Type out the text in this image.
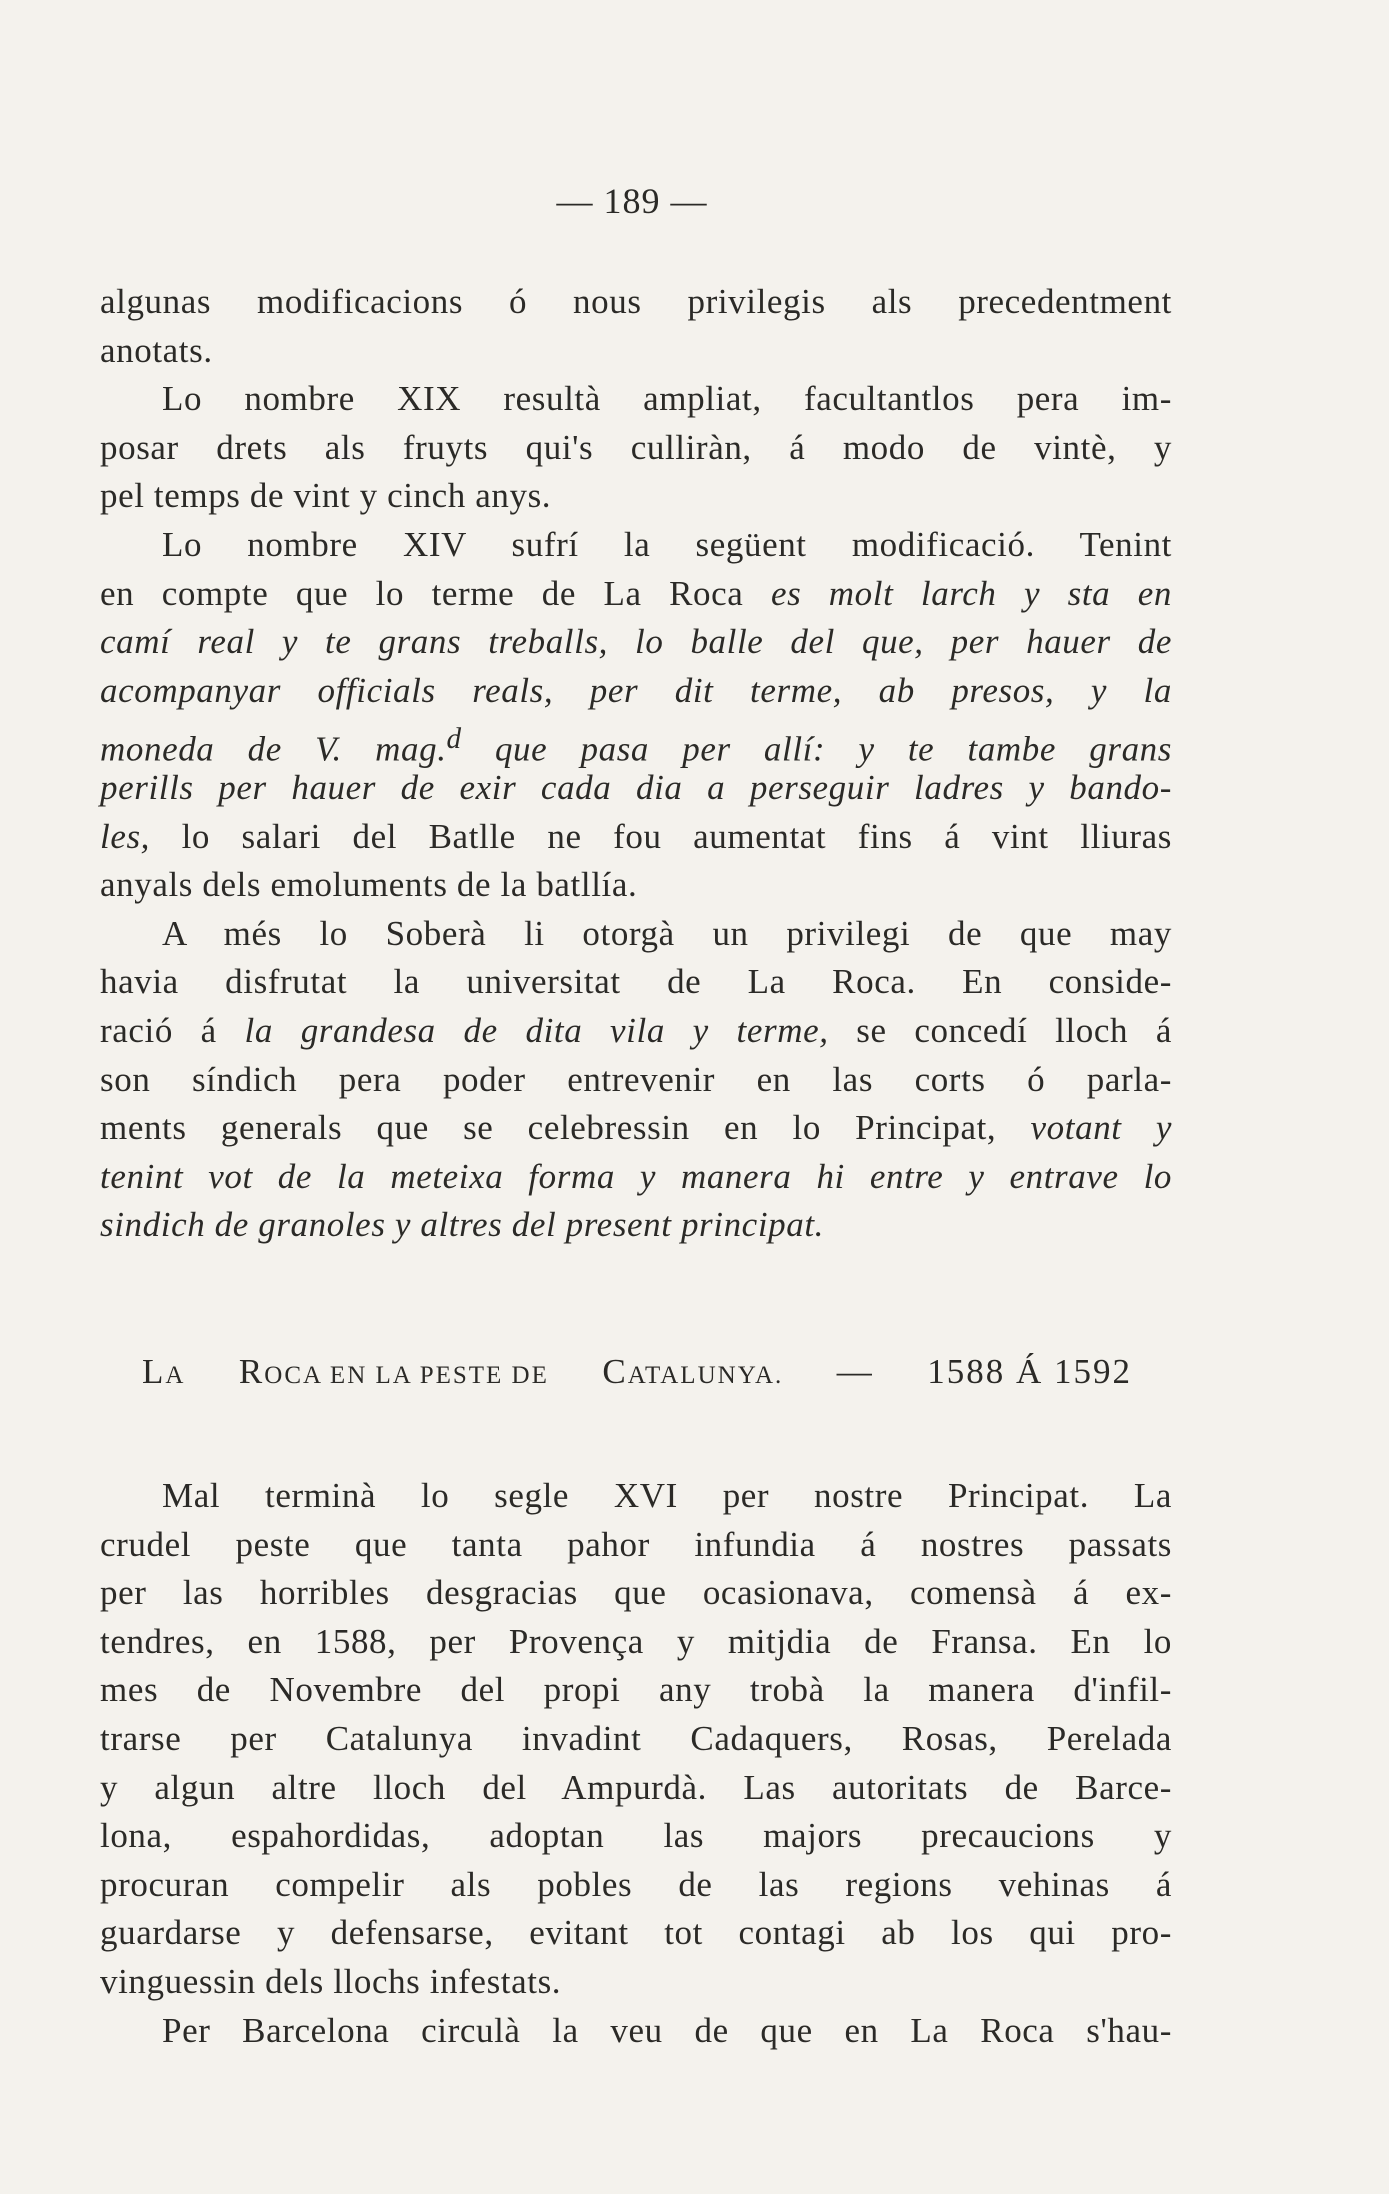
— 189 —
algunas modificacions ó nous privilegis als precedentment
anotats.
Lo nombre XIX resultà ampliat, facultantlos pera im-
posar drets als fruyts qui's culliràn, á modo de vintè, y
pel temps de vint y cinch anys.
Lo nombre XIV sufrí la següent modificació. Tenint
en compte que lo terme de La Roca es molt larch y sta en
camí real y te grans treballs, lo balle del que, per hauer de
acompanyar officials reals, per dit terme, ab presos, y la
moneda de V. mag.$^d$ que pasa per allí: y te tambe grans
perills per hauer de exir cada dia a perseguir ladres y bando-
les, lo salari del Batlle ne fou aumentat fins á vint lliuras
anyals dels emoluments de la batllía.
A més lo Soberà li otorgà un privilegi de que may
havia disfrutat la universitat de La Roca. En conside-
ració á la grandesa de dita vila y terme, se concedí lloch á
son síndich pera poder entrevenir en las corts ó parla-
ments generals que se celebressin en lo Principat, votant y
tenint vot de la meteixa forma y manera hi entre y entrave lo
sindich de granoles y altres del present principat.
LA ROCA EN LA PESTE DE CATALUNYA. — 1588 Á 1592
Mal terminà lo segle XVI per nostre Principat. La
crudel peste que tanta pahor infundia á nostres passats
per las horribles desgracias que ocasionava, comensà á ex-
tendres, en 1588, per Provença y mitjdia de Fransa. En lo
mes de Novembre del propi any trobà la manera d'infil-
trarse per Catalunya invadint Cadaquers, Rosas, Perelada
y algun altre lloch del Ampurdà. Las autoritats de Barce-
lona, espahordidas, adoptan las majors precaucions y
procuran compelir als pobles de las regions vehinas á
guardarse y defensarse, evitant tot contagi ab los qui pro-
vinguessin dels llochs infestats.
Per Barcelona circulà la veu de que en La Roca s'hau-
